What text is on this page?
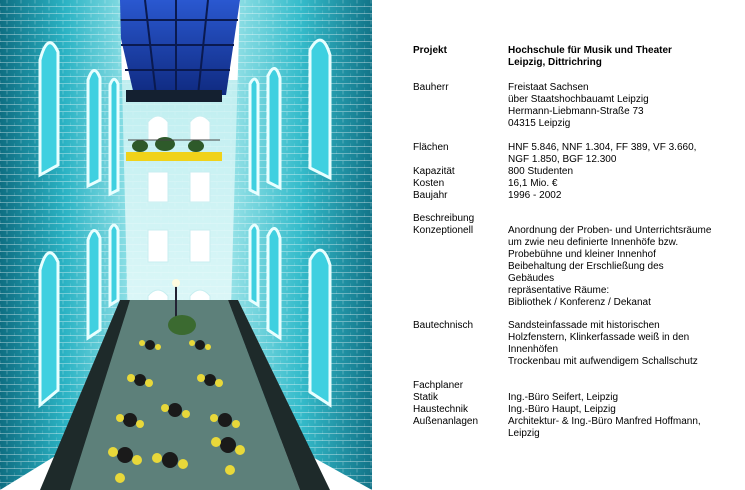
Projekt	Hochschule für Musik und Theater
Leipzig, Dittrichring
Bauherr	Freistaat Sachsen
über Staatshochbauamt Leipzig
Hermann-Liebmann-Straße 73
04315 Leipzig
Flächen	HNF 5.846, NNF 1.304, FF 389, VF 3.660,
NGF 1.850, BGF 12.300
Kapazität	800 Studenten
Kosten	16,1 Mio. €
Baujahr	1996 - 2002
Beschreibung
Konzeptionell	Anordnung der Proben- und Unterrichtsräume
um zwie neu definierte Innenhöfe bzw.
Probebühne und kleiner Innenhof
Beibehaltung der Erschließung des
Gebäudes
repräsentative Räume:
Bibliothek / Konferenz / Dekanat
Bautechnisch	Sandsteinfassade mit historischen
Holzfenstern, Klinkerfassade weiß in den
Innenhöfen
Trockenbau mit aufwendigem Schallschutz
Fachplaner
Statik	Ing.-Büro Seifert, Leipzig
Haustechnik	Ing.-Büro Haupt, Leipzig
Außenanlagen	Architektur- & Ing.-Büro Manfred Hoffmann,
Leipzig
